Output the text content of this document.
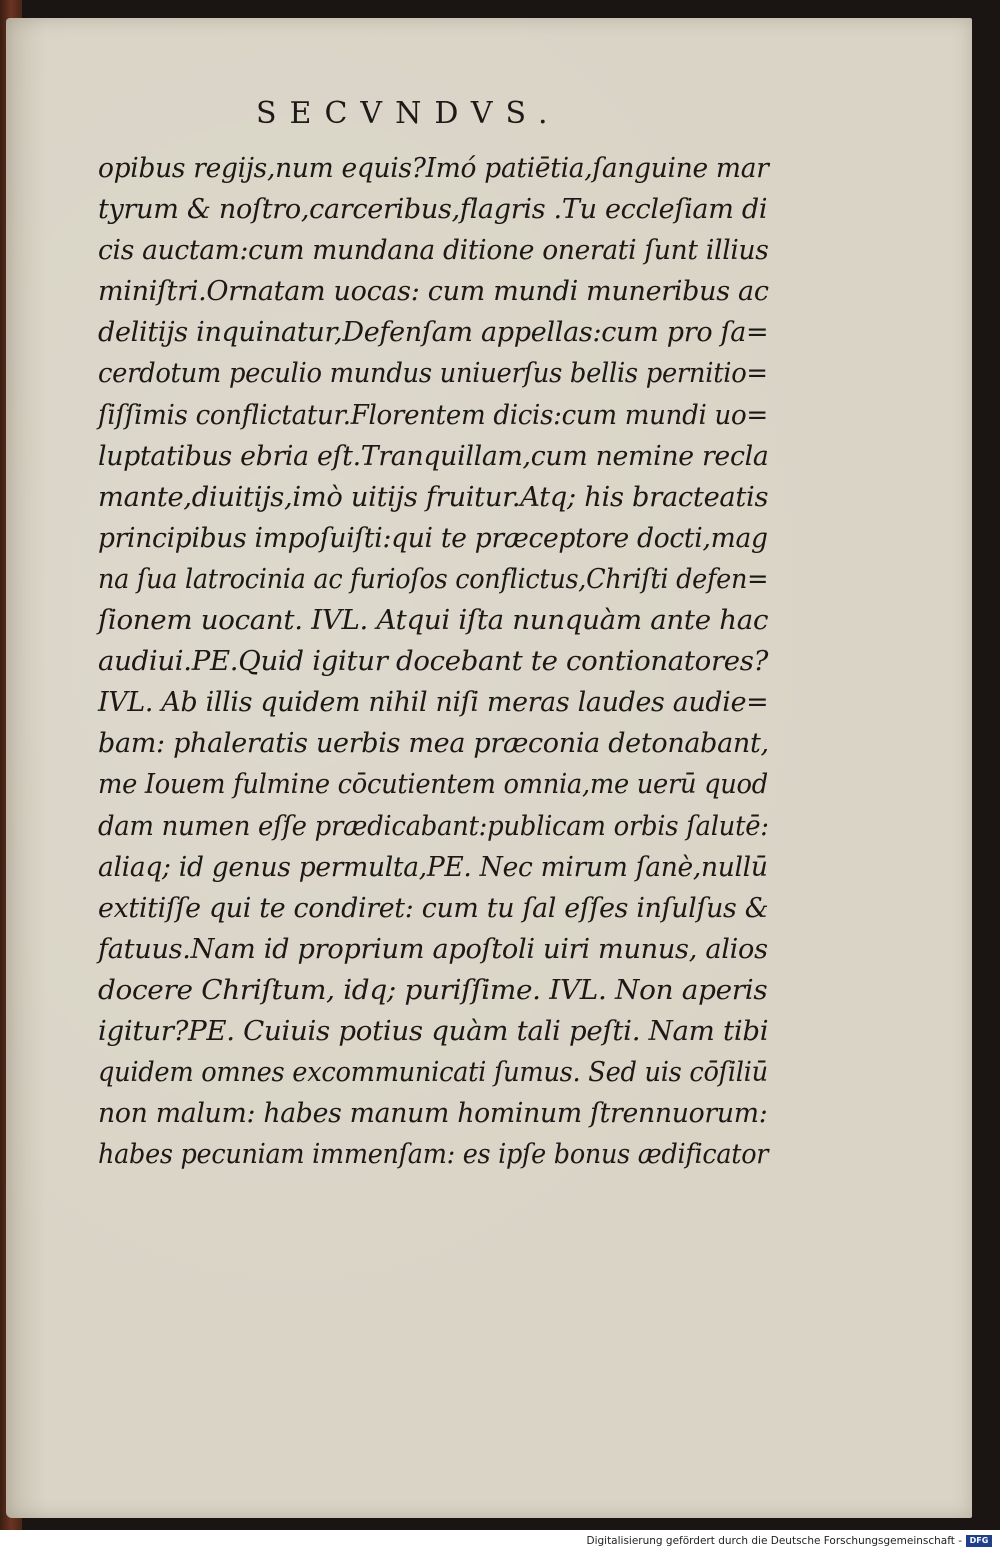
SECVNDVS.
opibus regijs,num equis?Imó patiētia,ſanguine mar
tyrum & noſtro,carceribus,flagris .Tu eccleſiam di
cis auctam:cum mundana ditione onerati ſunt illius
miniſtri.Ornatam uocas: cum mundi muneribus ac
delitijs inquinatur,Defenſam appellas:cum pro ſa=
cerdotum peculio mundus uniuerſus bellis pernitio=
ſiſſimis conflictatur.Florentem dicis:cum mundi uo=
luptatibus ebria eſt.Tranquillam,cum nemine recla
mante,diuitijs,imò uitijs fruitur.Atq; his bracteatis
principibus impoſuiſti:qui te præceptore docti,mag
na ſua latrocinia ac furioſos conflictus,Chriſti defen=
ſionem uocant. IVL. Atqui iſta nunquàm ante hac
audiui.PE.Quid igitur docebant te contionatores?
IVL. Ab illis quidem nihil niſi meras laudes audie=
bam: phaleratis uerbis mea præconia detonabant,
me Iouem fulmine cōcutientem omnia,me uerū quod
dam numen eſſe prædicabant:publicam orbis ſalutē:
aliaq; id genus permulta,PE. Nec mirum ſanè,nullū
extitiſſe qui te condiret: cum tu ſal eſſes inſulſus &
fatuus.Nam id proprium apoſtoli uiri munus, alios
docere Chriſtum, idq; puriſſime. IVL. Non aperis
igitur?PE. Cuiuis potius quàm tali peſti. Nam tibi
quidem omnes excommunicati ſumus. Sed uis cōſiliū
non malum: habes manum hominum ſtrennuorum:
habes pecuniam immenſam: es ipſe bonus ædificator
Digitalisierung gefördert durch die Deutsche Forschungsgemeinschaft - DFG
